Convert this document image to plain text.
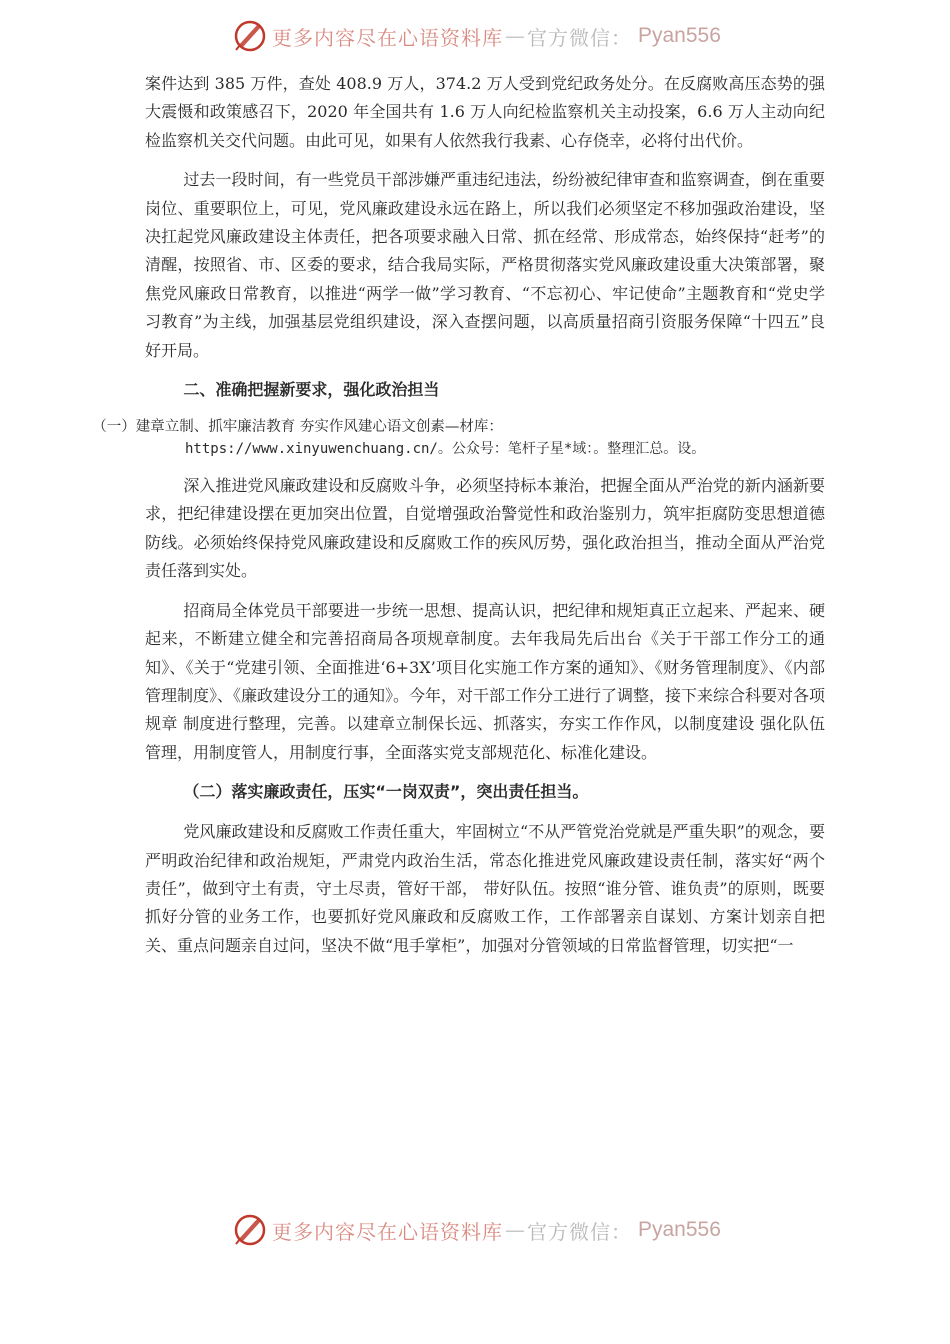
更多内容尽在心语资料库 — 官方微信： Pyan556

案件达到 385 万件，查处 408.9 万人，374.2 万人受到党纪政务处分。在反腐败高压态势的强大震慑和政策感召下，2020 年全国共有 1.6 万人向纪检监察机关主动投案，6.6 万人主动向纪检监察机关交代问题。由此可见，如果有人依然我行我素、心存侥幸，必将付出代价。

过去一段时间，有一些党员干部涉嫌严重违纪违法，纷纷被纪律审查和监察调查，倒在重要岗位、重要职位上，可见，党风廉政建设永远在路上，所以我们必须坚定不移加强政治建设，坚决扛起党风廉政建设主体责任，把各项要求融入日常、抓在经常、形成常态，始终保持“赶考”的清醒，按照省、市、区委的要求，结合我局实际，严格贯彻落实党风廉政建设重大决策部署，聚焦党风廉政日常教育，以推进“两学一做”学习教育、“不忘初心、牢记使命”主题教育和“党史学习教育”为主线，加强基层党组织建设，深入查摆问题，以高质量招商引资服务保障“十四五”良好开局。

二、准确把握新要求，强化政治担当

（一）建章立制、抓牢廉洁教育 夯实作风建心语文创素—材库：
https://www.xinyuwenchuang.cn/。公众号：笔杆子星*域：。整理汇总。设。

深入推进党风廉政建设和反腐败斗争，必须坚持标本兼治，把握全面从严治党的新内涵新要求，把纪律建设摆在更加突出位置，自觉增强政治警觉性和政治鉴别力，筑牢拒腐防变思想道德防线。必须始终保持党风廉政建设和反腐败工作的疾风厉势，强化政治担当，推动全面从严治党责任落到实处。

招商局全体党员干部要进一步统一思想、提高认识，把纪律和规矩真正立起来、严起来、硬起来，不断建立健全和完善招商局各项规章制度。去年我局先后出台《关于干部工作分工的通知》、《关于“党建引领、全面推进‘6+3X’项目化实施工作方案的通知》、《财务管理制度》、《内部管理制度》、《廉政建设分工的通知》。今年，对干部工作分工进行了调整，接下来综合科要对各项规章 制度进行整理，完善。以建章立制保长远、抓落实，夯实工作作风，以制度建设 强化队伍管理，用制度管人，用制度行事，全面落实党支部规范化、标准化建设。

（二）落实廉政责任，压实“一岗双责”，突出责任担当。

党风廉政建设和反腐败工作责任重大，牢固树立“不从严管党治党就是严重失职”的观念，要严明政治纪律和政治规矩，严肃党内政治生活，常态化推进党风廉政建设责任制，落实好“两个责任”，做到守土有责，守土尽责，管好干部， 带好队伍。按照“谁分管、谁负责”的原则，既要抓好分管的业务工作，也要抓好党风廉政和反腐败工作，工作部署亲自谋划、方案计划亲自把关、重点问题亲自过问，坚决不做“甩手掌柜”，加强对分管领域的日常监督管理，切实把“一

更多内容尽在心语资料库 — 官方微信： Pyan556
